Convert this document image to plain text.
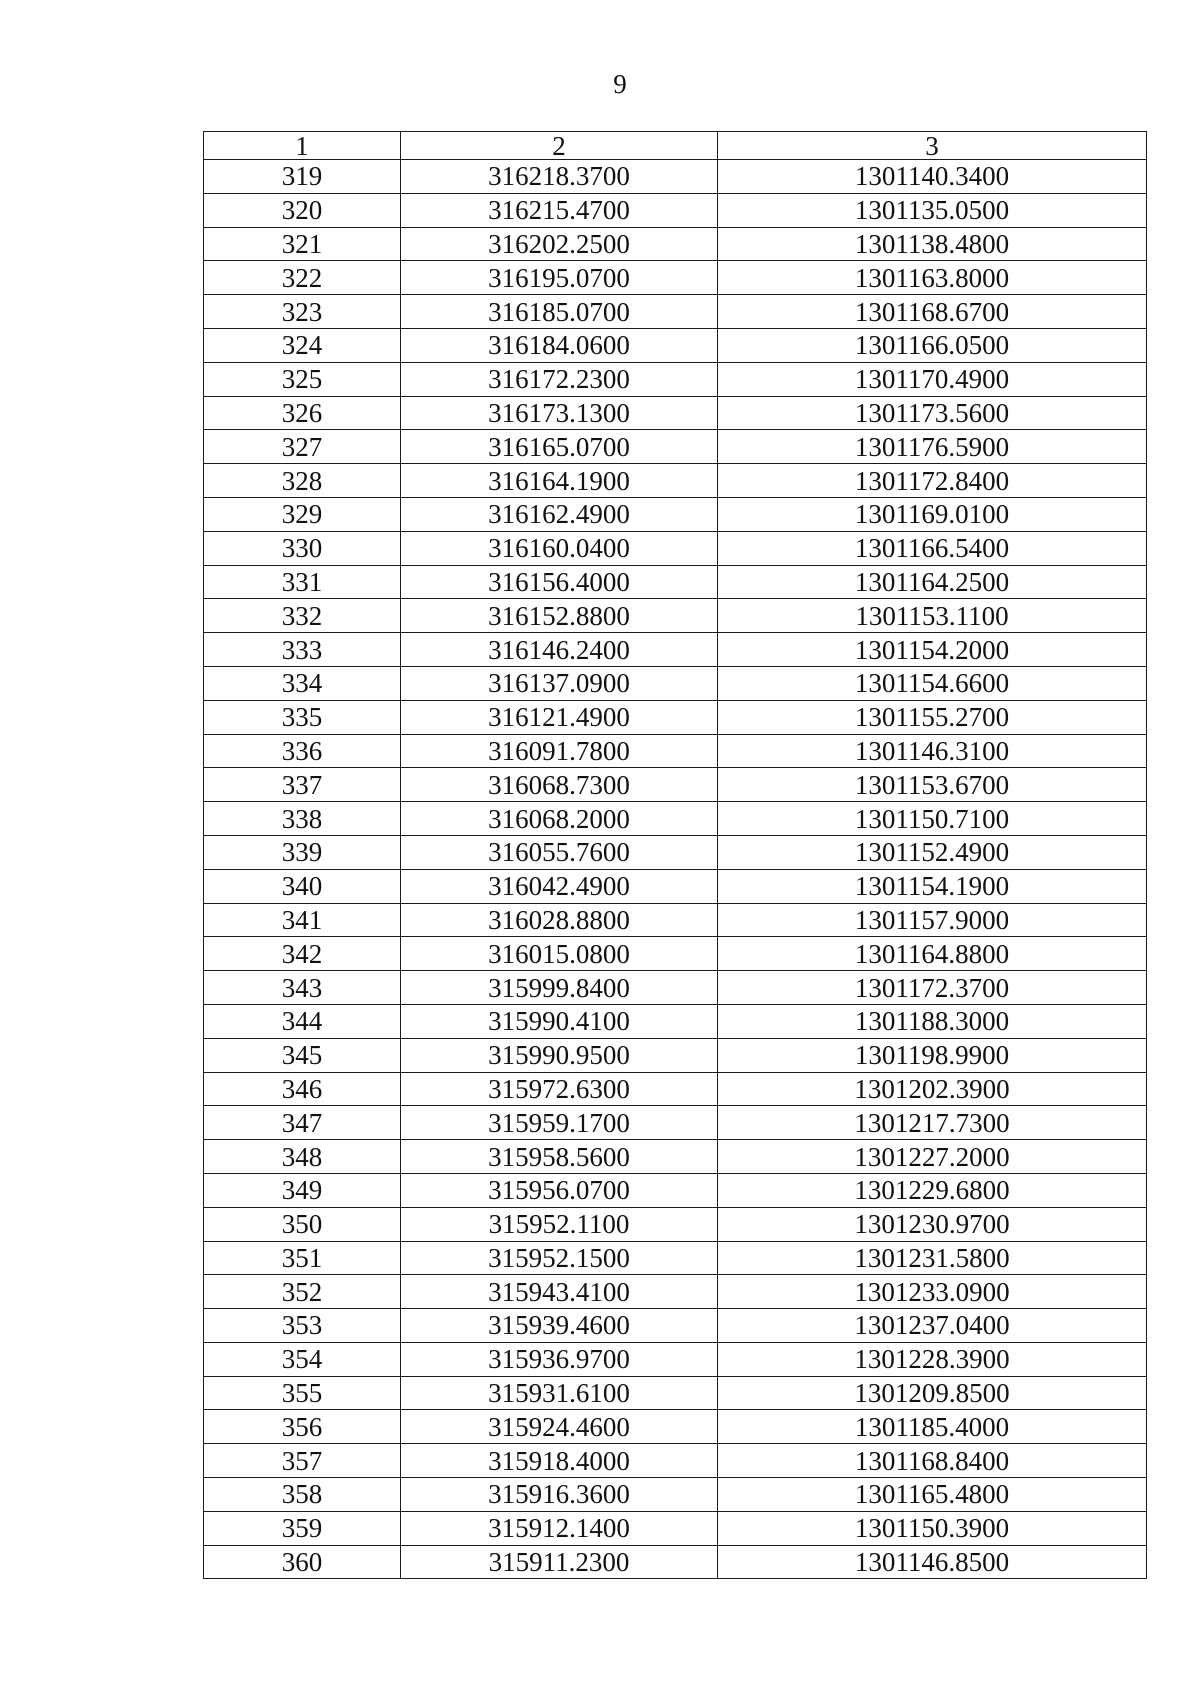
9
1	2	3
319	316218.3700	1301140.3400
320	316215.4700	1301135.0500
321	316202.2500	1301138.4800
322	316195.0700	1301163.8000
323	316185.0700	1301168.6700
324	316184.0600	1301166.0500
325	316172.2300	1301170.4900
326	316173.1300	1301173.5600
327	316165.0700	1301176.5900
328	316164.1900	1301172.8400
329	316162.4900	1301169.0100
330	316160.0400	1301166.5400
331	316156.4000	1301164.2500
332	316152.8800	1301153.1100
333	316146.2400	1301154.2000
334	316137.0900	1301154.6600
335	316121.4900	1301155.2700
336	316091.7800	1301146.3100
337	316068.7300	1301153.6700
338	316068.2000	1301150.7100
339	316055.7600	1301152.4900
340	316042.4900	1301154.1900
341	316028.8800	1301157.9000
342	316015.0800	1301164.8800
343	315999.8400	1301172.3700
344	315990.4100	1301188.3000
345	315990.9500	1301198.9900
346	315972.6300	1301202.3900
347	315959.1700	1301217.7300
348	315958.5600	1301227.2000
349	315956.0700	1301229.6800
350	315952.1100	1301230.9700
351	315952.1500	1301231.5800
352	315943.4100	1301233.0900
353	315939.4600	1301237.0400
354	315936.9700	1301228.3900
355	315931.6100	1301209.8500
356	315924.4600	1301185.4000
357	315918.4000	1301168.8400
358	315916.3600	1301165.4800
359	315912.1400	1301150.3900
360	315911.2300	1301146.8500
